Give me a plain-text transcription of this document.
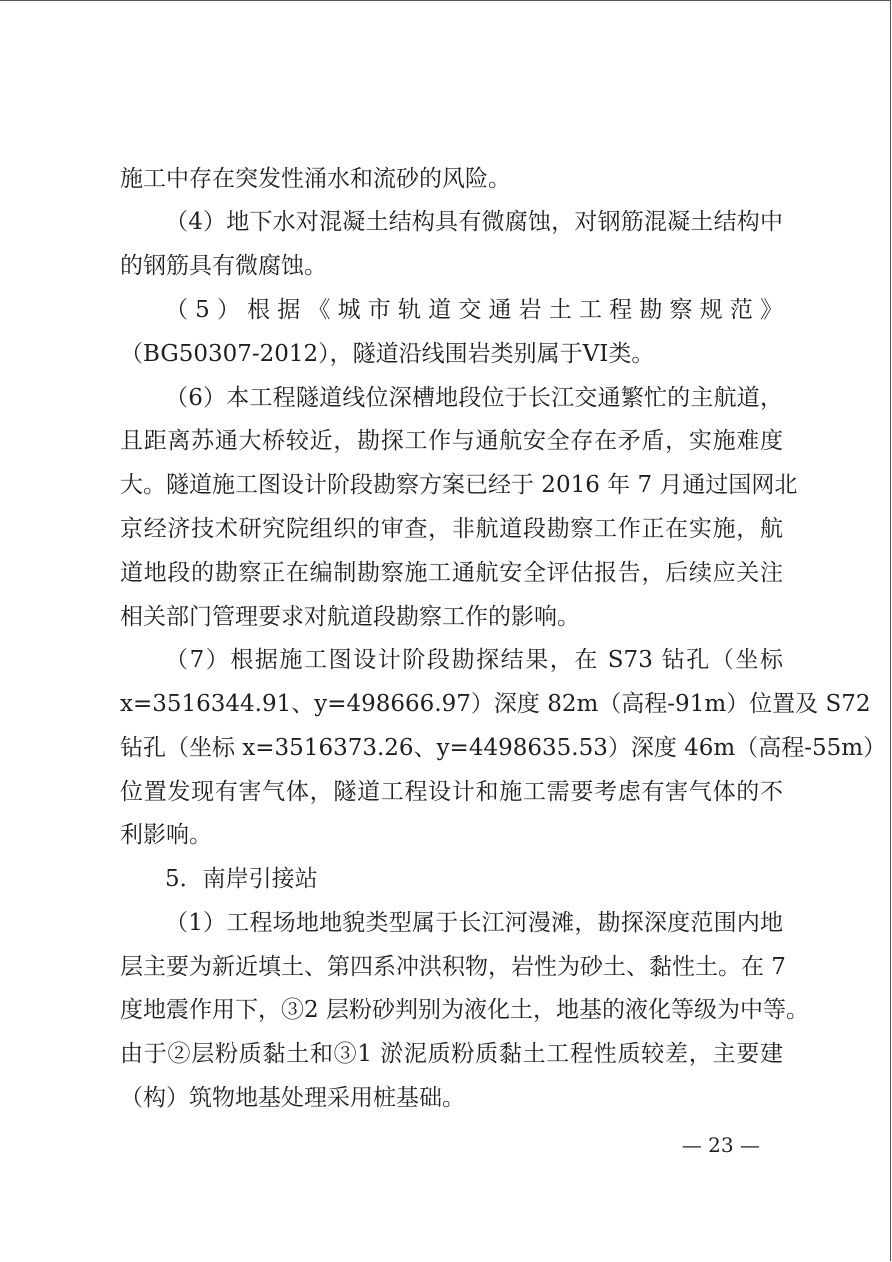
施工中存在突发性涌水和流砂的风险。
（4）地下水对混凝土结构具有微腐蚀，对钢筋混凝土结构中
的钢筋具有微腐蚀。
（5）根据《城市轨道交通岩土工程勘察规范》
（BG50307-2012），隧道沿线围岩类别属于VI类。
（6）本工程隧道线位深槽地段位于长江交通繁忙的主航道，
且距离苏通大桥较近，勘探工作与通航安全存在矛盾，实施难度
大。隧道施工图设计阶段勘察方案已经于 2016 年 7 月通过国网北
京经济技术研究院组织的审查，非航道段勘察工作正在实施，航
道地段的勘察正在编制勘察施工通航安全评估报告，后续应关注
相关部门管理要求对航道段勘察工作的影响。
（7）根据施工图设计阶段勘探结果，在 S73 钻孔（坐标
x=3516344.91、y=498666.97）深度 82m（高程-91m）位置及 S72
钻孔（坐标 x=3516373.26、y=4498635.53）深度 46m（高程-55m）
位置发现有害气体，隧道工程设计和施工需要考虑有害气体的不
利影响。
5．南岸引接站
（1）工程场地地貌类型属于长江河漫滩，勘探深度范围内地
层主要为新近填土、第四系冲洪积物，岩性为砂土、黏性土。在 7
度地震作用下，③2 层粉砂判别为液化土，地基的液化等级为中等。
由于②层粉质黏土和③1 淤泥质粉质黏土工程性质较差，主要建
（构）筑物地基处理采用桩基础。
— 23 —
